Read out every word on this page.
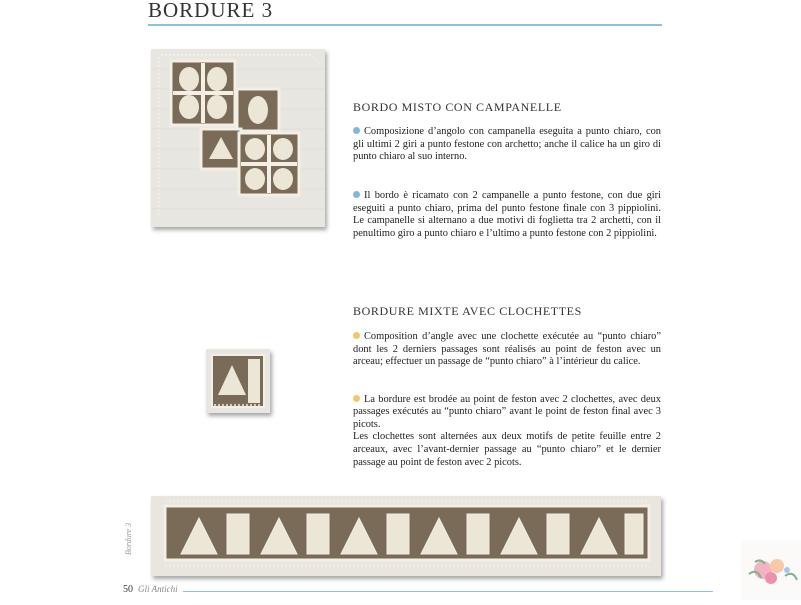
BORDURE 3
BORDO MISTO CON CAMPANELLE
Composizione d’angolo con campanella eseguita a punto chiaro, con gli ultimi 2 giri a punto festone con archetto; anche il calice ha un giro di punto chiaro al suo interno.
Il bordo è ricamato con 2 campanelle a punto festone, con due giri eseguiti a punto chiaro, prima del punto festone finale con 3 pippiolini. Le campanelle si alternano a due motivi di foglietta tra 2 archetti, con il penultimo giro a punto chiaro e l’ultimo a punto festone con 2 pippiolini.
BORDURE MIXTE AVEC CLOCHETTES
Composition d’angle avec une clochette exécutée au “punto chiaro” dont les 2 derniers passages sont réalisés au point de feston avec un arceau; effectuer un passage de “punto chiaro” à l’intérieur du calice.

La bordure est brodée au point de feston avec 2 clochettes, avec deux passages exécutés au “punto chiaro” avant le point de feston final avec 3 picots.
Les clochettes sont alternées aux deux motifs de petite feuille entre 2 arceaux, avec l’avant-dernier passage au “punto chiaro” et le dernier passage au point de feston avec 2 picots.

Bordure 3
50 Gli Antichi
